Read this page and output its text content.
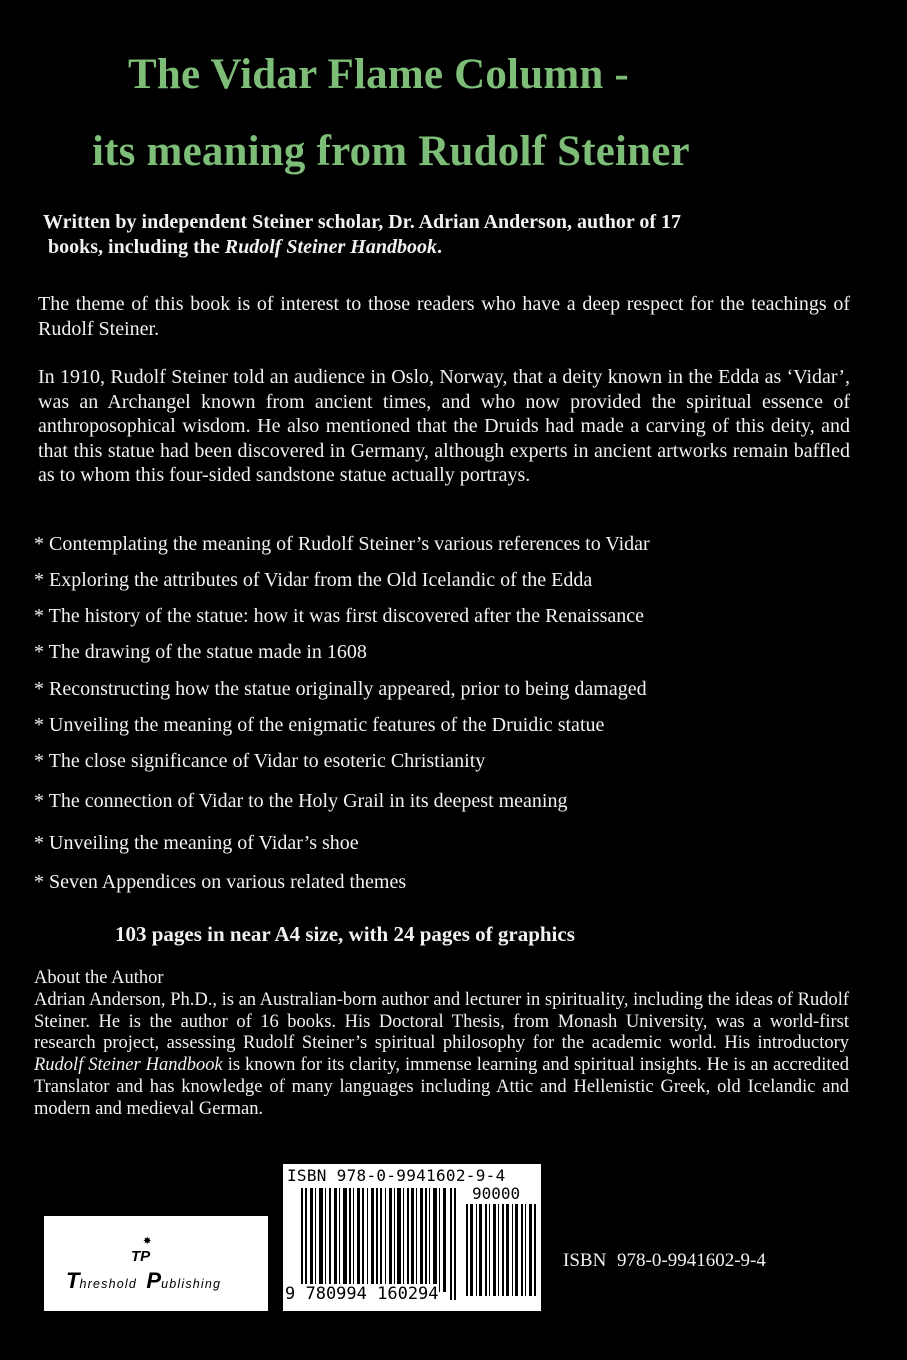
The Vidar Flame Column -
its meaning from Rudolf Steiner
Written by independent Steiner scholar, Dr. Adrian Anderson, author of 17
books, including the Rudolf Steiner Handbook.
The theme of this book is of interest to those readers who have a deep respect for the teachings of Rudolf Steiner.
In 1910, Rudolf Steiner told an audience in Oslo, Norway, that a deity known in the Edda as ‘Vidar’, was an Archangel known from ancient times, and who now provided the spiritual essence of anthroposophical wisdom. He also mentioned that the Druids had made a carving of this deity, and that this statue had been discovered in Germany, although experts in ancient artworks remain baffled as to whom this four-sided sandstone statue actually portrays.
* Contemplating the meaning of Rudolf Steiner’s various references to Vidar
* Exploring the attributes of Vidar from the Old Icelandic of the Edda
* The history of the statue: how it was first discovered after the Renaissance
* The drawing of the statue made in 1608
* Reconstructing how the statue originally appeared, prior to being damaged
* Unveiling the meaning of the enigmatic features of the Druidic statue
* The close significance of Vidar to esoteric Christianity
* The connection of Vidar to the Holy Grail in its deepest meaning
* Unveiling the meaning of Vidar’s shoe
* Seven Appendices on various related themes
103 pages in near A4 size, with 24 pages of graphics
About the Author
Adrian Anderson, Ph.D., is an Australian-born author and lecturer in spirituality, including the ideas of Rudolf Steiner. He is the author of 16 books. His Doctoral Thesis, from Monash University, was a world-first research project, assessing Rudolf Steiner’s spiritual philosophy for the academic world. His introductory Rudolf Steiner Handbook is known for its clarity, immense learning and spiritual insights. He is an accredited Translator and has knowledge of many languages including Attic and Hellenistic Greek, old Icelandic and modern and medieval German.
✸
TP
Threshold Publishing
ISBN 978-0-9941602-9-4
90000
9 780994 160294
ISBN 978-0-9941602-9-4
